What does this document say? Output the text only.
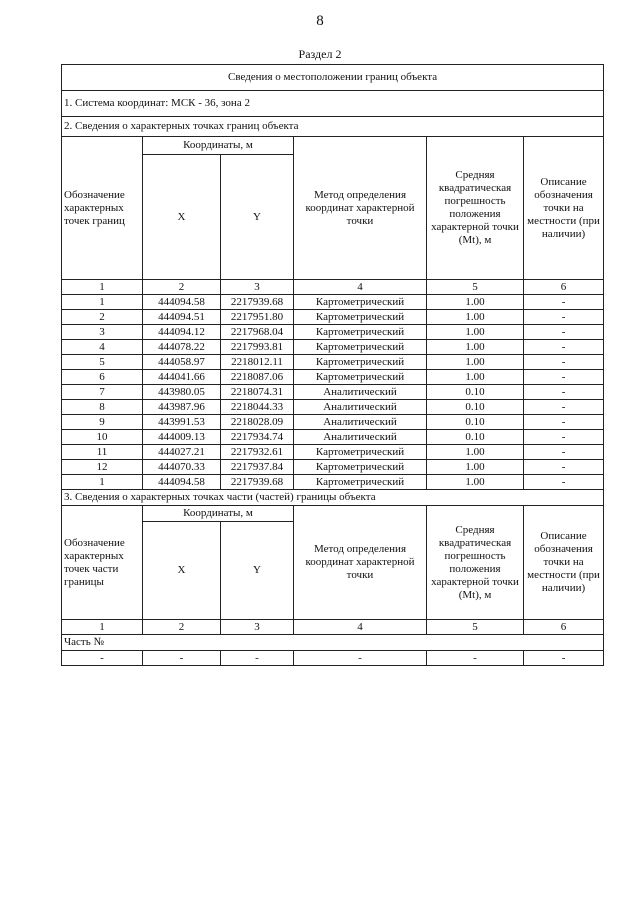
8
Раздел 2
Сведения о местоположении границ объекта					
1. Система координат: МСК - 36, зона 2					
2. Сведения о характерных точках границ объекта					
Обозначение характерных точек границ	Координаты, м		Метод определения координат характерной точки	Средняя квадратическая погрешность положения характерной точки (Mt), м	Описание обозначения точки на местности (при наличии)
	X	Y			
1	2	3	4	5	6
1	444094.58	2217939.68	Картометрический	1.00	-
2	444094.51	2217951.80	Картометрический	1.00	-
3	444094.12	2217968.04	Картометрический	1.00	-
4	444078.22	2217993.81	Картометрический	1.00	-
5	444058.97	2218012.11	Картометрический	1.00	-
6	444041.66	2218087.06	Картометрический	1.00	-
7	443980.05	2218074.31	Аналитический	0.10	-
8	443987.96	2218044.33	Аналитический	0.10	-
9	443991.53	2218028.09	Аналитический	0.10	-
10	444009.13	2217934.74	Аналитический	0.10	-
11	444027.21	2217932.61	Картометрический	1.00	-
12	444070.33	2217937.84	Картометрический	1.00	-
1	444094.58	2217939.68	Картометрический	1.00	-
3. Сведения о характерных точках части (частей) границы объекта					
Обозначение характерных точек части границы	Координаты, м		Метод определения координат характерной точки	Средняя квадратическая погрешность положения характерной точки (Mt), м	Описание обозначения точки на местности (при наличии)
	X	Y			
1	2	3	4	5	6
Часть №					
-	-	-	-	-	-
